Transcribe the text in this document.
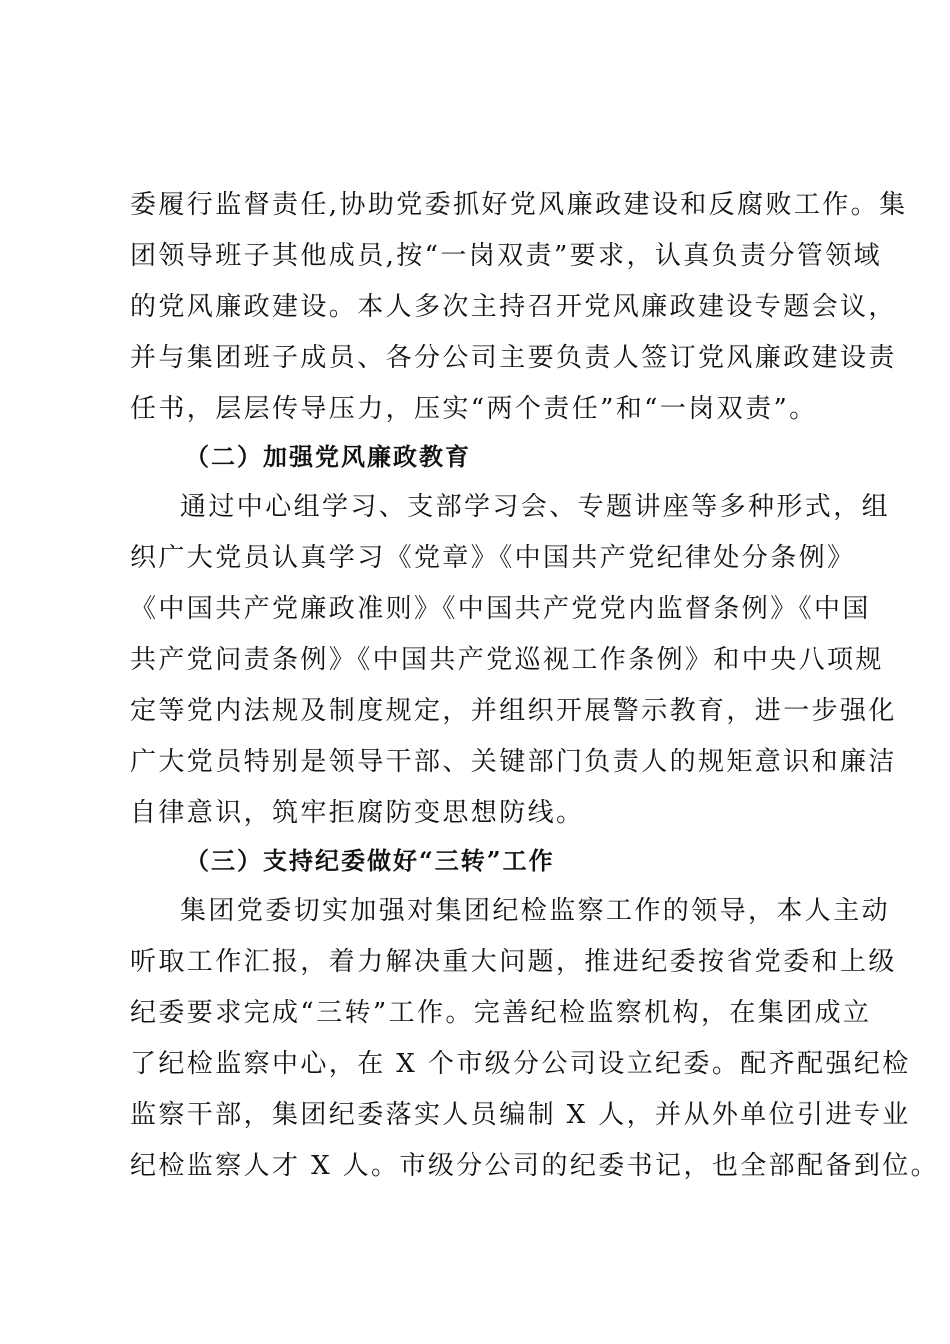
委履行监督责任,协助党委抓好党风廉政建设和反腐败工作。集
团领导班子其他成员,按“一岗双责”要求，认真负责分管领域
的党风廉政建设。本人多次主持召开党风廉政建设专题会议，
并与集团班子成员、各分公司主要负责人签订党风廉政建设责
任书，层层传导压力，压实“两个责任”和“一岗双责”。
（二）加强党风廉政教育
通过中心组学习、支部学习会、专题讲座等多种形式，组
织广大党员认真学习《党章》《中国共产党纪律处分条例》
《中国共产党廉政准则》《中国共产党党内监督条例》《中国
共产党问责条例》《中国共产党巡视工作条例》和中央八项规
定等党内法规及制度规定，并组织开展警示教育，进一步强化
广大党员特别是领导干部、关键部门负责人的规矩意识和廉洁
自律意识，筑牢拒腐防变思想防线。
（三）支持纪委做好“三转”工作
集团党委切实加强对集团纪检监察工作的领导，本人主动
听取工作汇报，着力解决重大问题，推进纪委按省党委和上级
纪委要求完成“三转”工作。完善纪检监察机构，在集团成立
了纪检监察中心，在 X 个市级分公司设立纪委。配齐配强纪检
监察干部，集团纪委落实人员编制 X 人，并从外单位引进专业
纪检监察人才 X 人。市级分公司的纪委书记，也全部配备到位。
